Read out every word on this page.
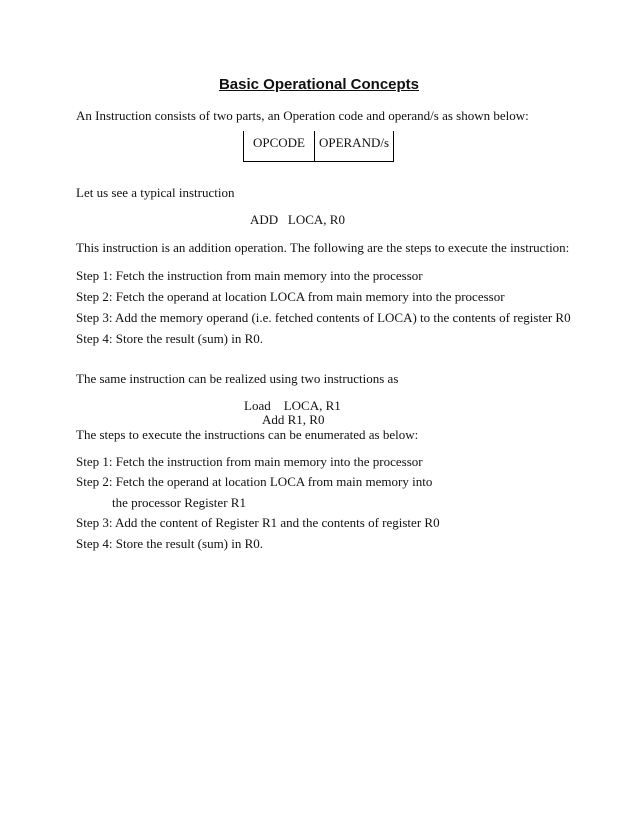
Basic Operational Concepts
An Instruction consists of two parts, an Operation code and operand/s as shown below:
OPCODE	OPERAND/s
Let us see a typical instruction
ADD   LOCA, R0
This instruction is an addition operation. The following are the steps to execute the instruction:
Step 1: Fetch the instruction from main memory into the processor
Step 2: Fetch the operand at location LOCA from main memory into the processor
Step 3: Add the memory operand (i.e. fetched contents of LOCA) to the contents of register R0
Step 4: Store the result (sum) in R0.
The same instruction can be realized using two instructions as
Load    LOCA, R1
Add R1, R0
The steps to execute the instructions can be enumerated as below:
Step 1: Fetch the instruction from main memory into the processor
Step 2: Fetch the operand at location LOCA from main memory into
the processor Register R1
Step 3: Add the content of Register R1 and the contents of register R0
Step 4: Store the result (sum) in R0.
